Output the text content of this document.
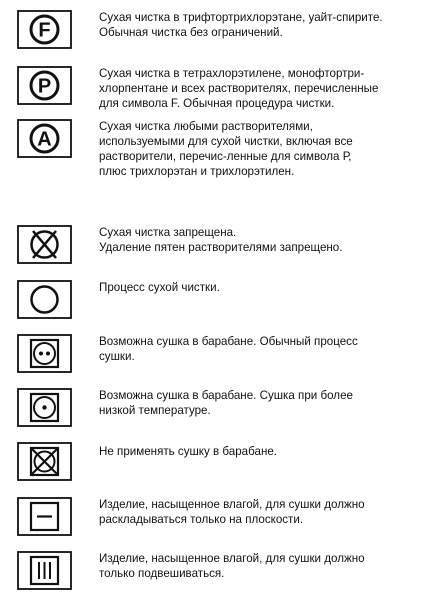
F
Сухая чистка в трифтортрихлорэтане, уайт-спирите.
Обычная чистка без ограничений.
P
Сухая чистка в тетрахлорэтилене, монофтортри-
хлорпентане и всех растворителях, перечисленные
для символа F. Обычная процедура чистки.
A
Сухая чистка любыми растворителями,
используемыми для сухой чистки, включая все
растворители, перечис-ленные для символа Р,
плюс трихлорэтан и трихлорэтилен.
Сухая чистка запрещена.
Удаление пятен растворителями запрещено.
Процесс сухой чистки.
Возможна сушка в барабане. Обычный процесс
сушки.
Возможна сушка в барабане. Сушка при более
низкой температуре.
Не применять сушку в барабане.
Изделие, насыщенное влагой, для сушки должно
раскладываться только на плоскости.
Изделие, насыщенное влагой, для сушки должно
только подвешиваться.
